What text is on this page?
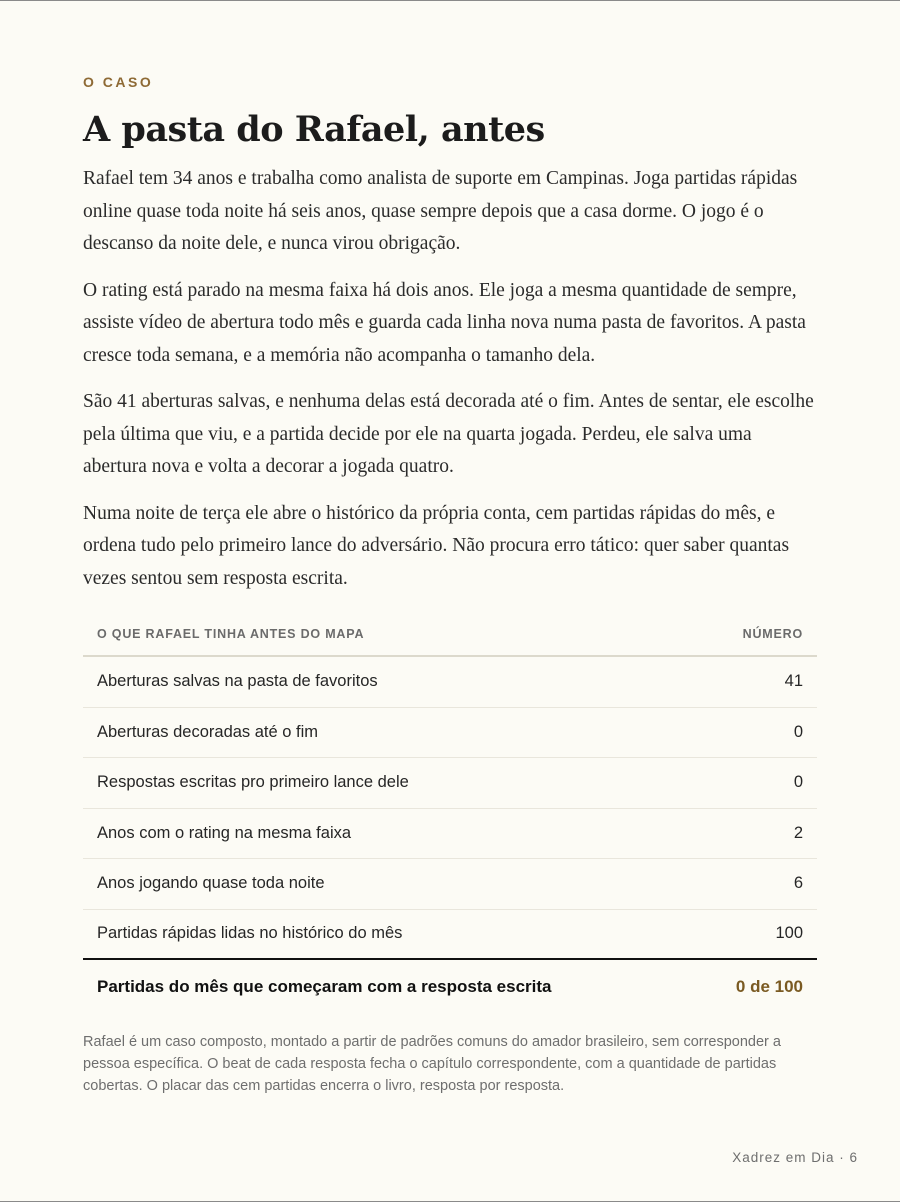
O CASO
A pasta do Rafael, antes

Rafael tem 34 anos e trabalha como analista de suporte em Campinas. Joga partidas rápidas online quase toda noite há seis anos, quase sempre depois que a casa dorme. O jogo é o descanso da noite dele, e nunca virou obrigação.

O rating está parado na mesma faixa há dois anos. Ele joga a mesma quantidade de sempre, assiste vídeo de abertura todo mês e guarda cada linha nova numa pasta de favoritos. A pasta cresce toda semana, e a memória não acompanha o tamanho dela.

São 41 aberturas salvas, e nenhuma delas está decorada até o fim. Antes de sentar, ele escolhe pela última que viu, e a partida decide por ele na quarta jogada. Perdeu, ele salva uma abertura nova e volta a decorar a jogada quatro.

Numa noite de terça ele abre o histórico da própria conta, cem partidas rápidas do mês, e ordena tudo pelo primeiro lance do adversário. Não procura erro tático: quer saber quantas vezes sentou sem resposta escrita.

O QUE RAFAEL TINHA ANTES DO MAPA	NÚMERO
Aberturas salvas na pasta de favoritos	41
Aberturas decoradas até o fim	0
Respostas escritas pro primeiro lance dele	0
Anos com o rating na mesma faixa	2
Anos jogando quase toda noite	6
Partidas rápidas lidas no histórico do mês	100
Partidas do mês que começaram com a resposta escrita	0 de 100

Rafael é um caso composto, montado a partir de padrões comuns do amador brasileiro, sem corresponder a pessoa específica. O beat de cada resposta fecha o capítulo correspondente, com a quantidade de partidas cobertas. O placar das cem partidas encerra o livro, resposta por resposta.

Xadrez em Dia · 6
